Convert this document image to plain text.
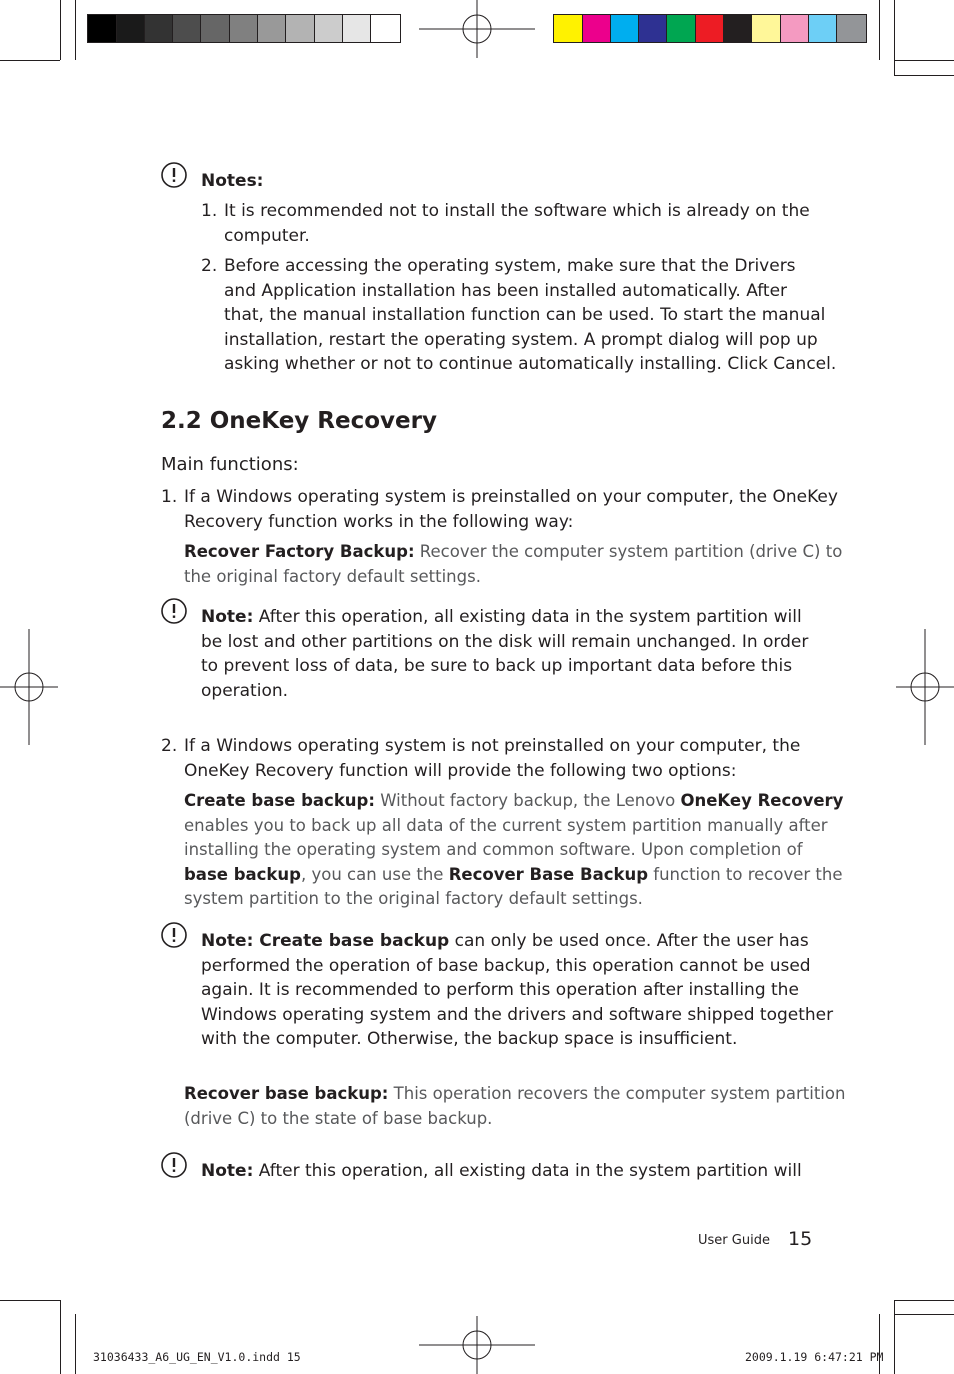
Notes:
1. It is recommended not to install the software which is already on the
computer.
2. Before accessing the operating system, make sure that the Drivers
and Application installation has been installed automatically. After
that, the manual installation function can be used. To start the manual
installation, restart the operating system. A prompt dialog will pop up
asking whether or not to continue automatically installing. Click Cancel.
2.2 OneKey Recovery
Main functions:
1. If a Windows operating system is preinstalled on your computer, the OneKey
Recovery function works in the following way:
Recover Factory Backup: Recover the computer system partition (drive C) to
the original factory default settings.
Note: After this operation, all existing data in the system partition will
be lost and other partitions on the disk will remain unchanged. In order
to prevent loss of data, be sure to back up important data before this
operation.
2. If a Windows operating system is not preinstalled on your computer, the
OneKey Recovery function will provide the following two options:
Create base backup: Without factory backup, the Lenovo OneKey Recovery
enables you to back up all data of the current system partition manually after
installing the operating system and common software. Upon completion of
base backup, you can use the Recover Base Backup function to recover the
system partition to the original factory default settings.
Note: Create base backup can only be used once. After the user has
performed the operation of base backup, this operation cannot be used
again. It is recommended to perform this operation after installing the
Windows operating system and the drivers and software shipped together
with the computer. Otherwise, the backup space is insufficient.
Recover base backup: This operation recovers the computer system partition
(drive C) to the state of base backup.
Note: After this operation, all existing data in the system partition will
User Guide 15
31036433_A6_UG_EN_V1.0.indd 15	2009.1.19 6:47:21 PM
